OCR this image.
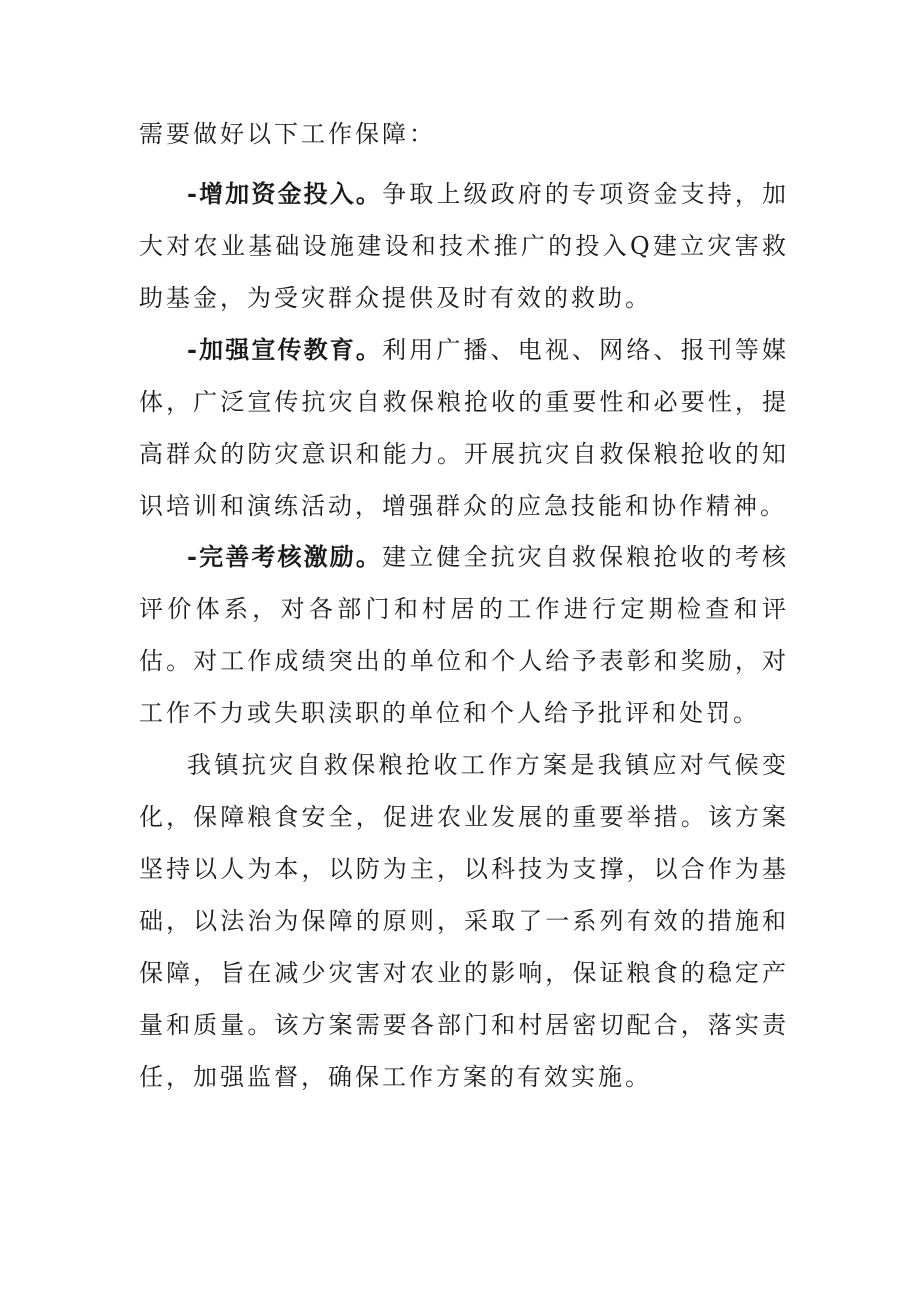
需要做好以下工作保障：

-增加资金投入。争取上级政府的专项资金支持，加大对农业基础设施建设和技术推广的投入Q建立灾害救助基金，为受灾群众提供及时有效的救助。

-加强宣传教育。利用广播、电视、网络、报刊等媒体，广泛宣传抗灾自救保粮抢收的重要性和必要性，提高群众的防灾意识和能力。开展抗灾自救保粮抢收的知识培训和演练活动，增强群众的应急技能和协作精神。

-完善考核激励。建立健全抗灾自救保粮抢收的考核评价体系，对各部门和村居的工作进行定期检查和评估。对工作成绩突出的单位和个人给予表彰和奖励，对工作不力或失职渎职的单位和个人给予批评和处罚。

我镇抗灾自救保粮抢收工作方案是我镇应对气候变化，保障粮食安全，促进农业发展的重要举措。该方案坚持以人为本，以防为主，以科技为支撑，以合作为基础，以法治为保障的原则，采取了一系列有效的措施和保障，旨在减少灾害对农业的影响，保证粮食的稳定产量和质量。该方案需要各部门和村居密切配合，落实责任，加强监督，确保工作方案的有效实施。
